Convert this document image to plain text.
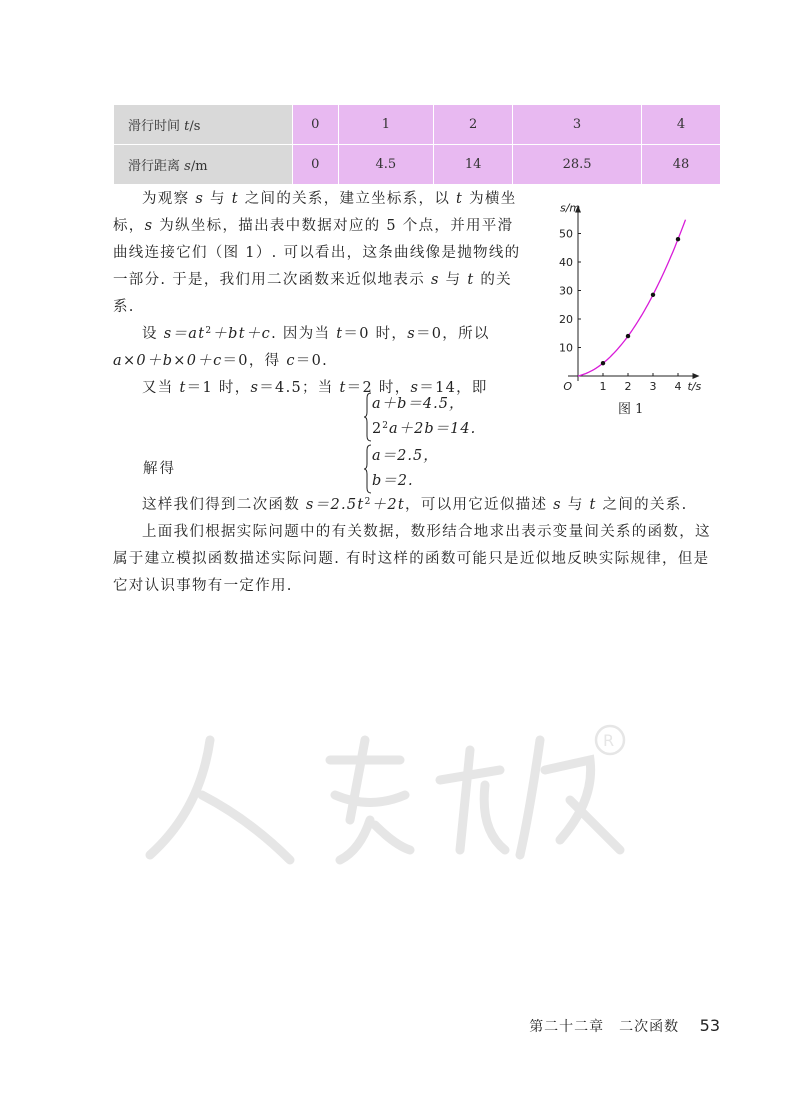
滑行时间 t/s	0	1	2	3	4
滑行距离 s/m	0	4.5	14	28.5	48

为观察 s 与 t 之间的关系，建立坐标系，以 t 为横坐标，s 为纵坐标，描出表中数据对应的 5 个点，并用平滑曲线连接它们（图 1）. 可以看出，这条曲线像是抛物线的一部分. 于是，我们用二次函数来近似地表示 s 与 t 的关系.

设 $s=at^2+bt+c$. 因为当 t＝0 时，s＝0，所以 a×0＋b×0＋c＝0，得 c＝0.

又当 t＝1 时，s＝4.5；当 t＝2 时，s＝14，即

a＋b＝4.5，
$2^2a+2b=14$.
解得
a＝2.5，
b＝2.

这样我们得到二次函数 $s=2.5t^2+2t$，可以用它近似描述 s 与 t 之间的关系.

上面我们根据实际问题中的有关数据，数形结合地求出表示变量间关系的函数，这属于建立模拟函数描述实际问题. 有时这样的函数可能只是近似地反映实际规律，但是它对认识事物有一定作用.

1 2 3 4
10
20
30
40
50
O
s/m
t/s
图 1
R
第二十二章　二次函数 53
